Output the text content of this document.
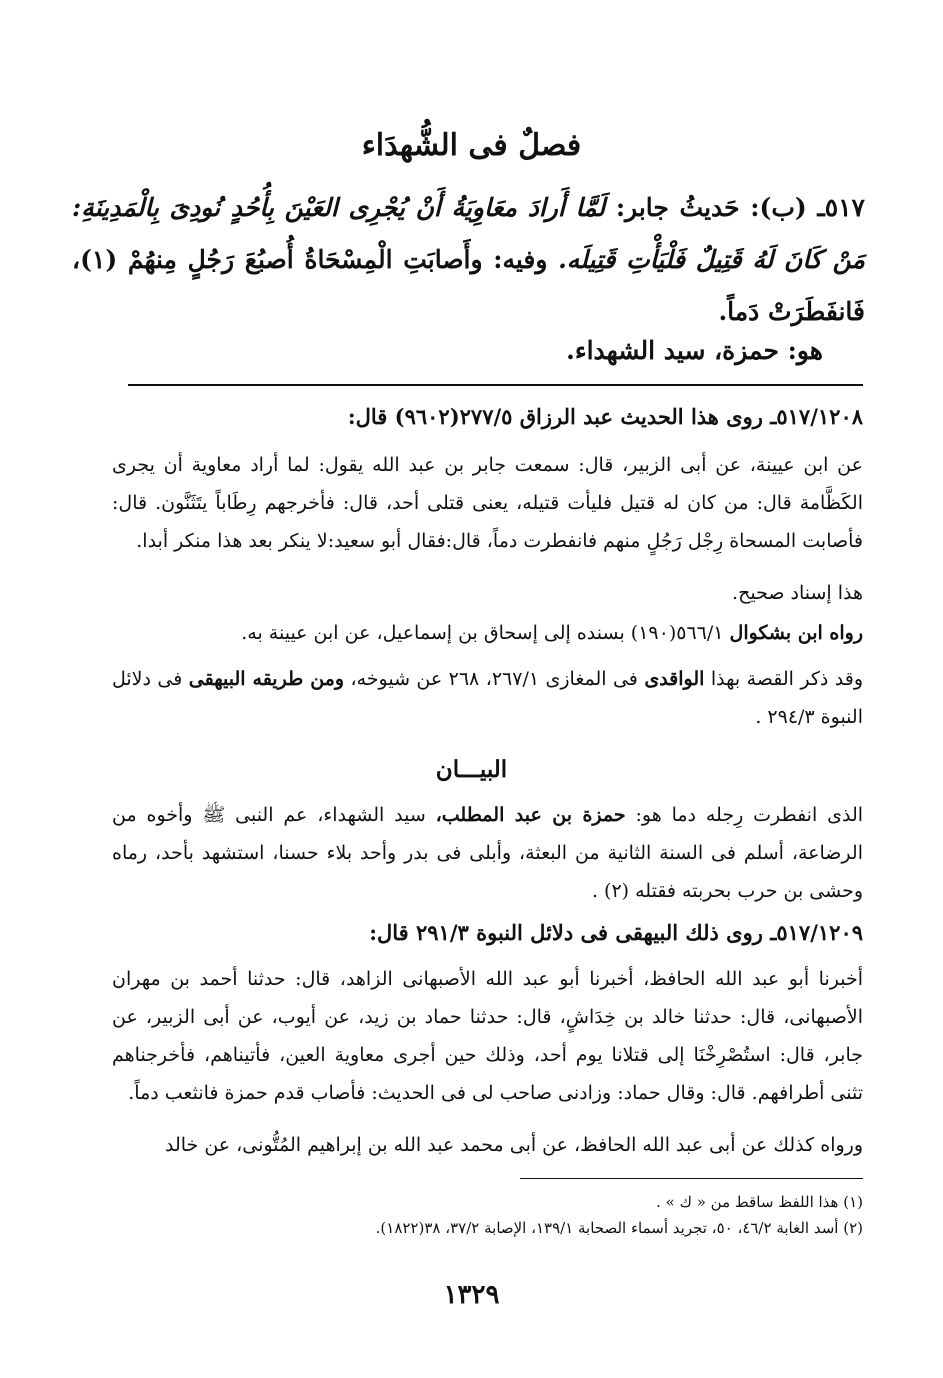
فصلٌ فى الشُّهدَاء
٥١٧ـ (ب): حَديثُ جابر: لَمَّا أَرادَ معَاوِيَةُ أَنْ يُجْرِى العَيْنَ بِأُحُدٍ نُودِىَ بِالْمَدِينَةِ: مَنْ كَانَ لَهُ قَتِيلٌ فَلْيَأْتِ قَتِيلَه. وفيه: وأَصابَتِ الْمِسْحَاةُ أُصبُعَ رَجُلٍ مِنهُمْ (١)، فَانفَطَرَتْ دَماً.
هو: حمزة، سيد الشهداء.
٥١٧/١٢٠٨ـ روى هذا الحديث عبد الرزاق ٢٧٧/٥(٩٦٠٢) قال:
عن ابن عيينة، عن أبى الزبير، قال: سمعت جابر بن عبد الله يقول: لما أراد معاوية أن يجرى الكَظَّامة قال: من كان له قتيل فليأت قتيله، يعنى قتلى أحد، قال: فأخرجهم رِطَاباً يتَثَنَّون. قال: فأصابت المسحاة رِجْل رَجُلٍ منهم فانفطرت دماً، قال:فقال أبو سعيد:لا ينكر بعد هذا منكر أبدا.
هذا إسناد صحيح.
رواه ابن بشكوال ٥٦٦/١(١٩٠) بسنده إلى إسحاق بن إسماعيل، عن ابن عيينة به.
وقد ذكر القصة بهذا الواقدى فى المغازى ٢٦٧/١، ٢٦٨ عن شيوخه، ومن طريقه البيهقى فى دلائل النبوة ٢٩٤/٣ .
البيـــان
الذى انفطرت رِجله دما هو: حمزة بن عبد المطلب، سيد الشهداء، عم النبى ﷺ وأخوه من الرضاعة، أسلم فى السنة الثانية من البعثة، وأبلى فى بدر وأحد بلاء حسنا، استشهد بأحد، رماه وحشى بن حرب بحربته فقتله (٢) .
٥١٧/١٢٠٩ـ روى ذلك البيهقى فى دلائل النبوة ٢٩١/٣ قال:
أخبرنا أبو عبد الله الحافظ، أخبرنا أبو عبد الله الأصبهانى الزاهد، قال: حدثنا أحمد بن مهران الأصبهانى، قال: حدثنا خالد بن خِدَاشٍ، قال: حدثنا حماد بن زيد، عن أيوب، عن أبى الزبير، عن جابر، قال: استُصْرِخْنَا إلى قتلانا يوم أحد، وذلك حين أجرى معاوية العين، فأتيناهم، فأخرجناهم تثنى أطرافهم. قال: وقال حماد: وزادنى صاحب لى فى الحديث: فأصاب قدم حمزة فانثعب دماً.
ورواه كذلك عن أبى عبد الله الحافظ، عن أبى محمد عبد الله بن إبراهيم المُتُّونى، عن خالد
(١) هذا اللفظ ساقط من « ك » .
(٢) أسد الغابة ٤٦/٢، ٥٠، تجريد أسماء الصحابة ١٣٩/١، الإصابة ٣٧/٢، ٣٨(١٨٢٢).
١٣٢٩
